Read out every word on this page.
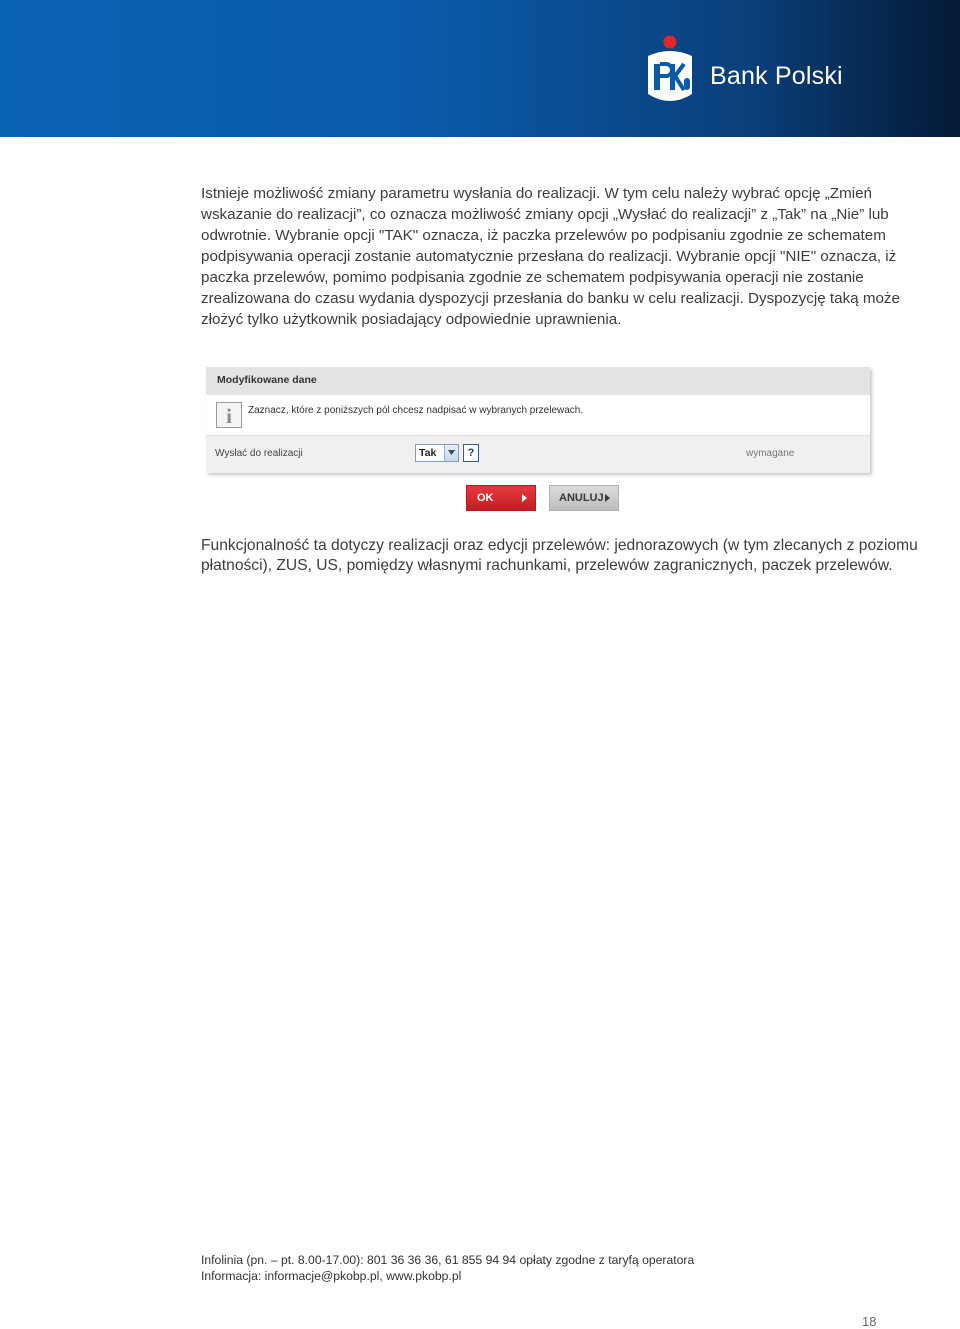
Bank Polski

Istnieje możliwość zmiany parametru wysłania do realizacji. W tym celu należy wybrać opcję „Zmień wskazanie do realizacji”, co oznacza możliwość zmiany opcji „Wysłać do realizacji” z „Tak” na „Nie” lub odwrotnie. Wybranie opcji "TAK" oznacza, iż paczka przelewów po podpisaniu zgodnie ze schematem podpisywania operacji zostanie automatycznie przesłana do realizacji. Wybranie opcji "NIE" oznacza, iż paczka przelewów, pomimo podpisania zgodnie ze schematem podpisywania operacji nie zostanie zrealizowana do czasu wydania dyspozycji przesłania do banku w celu realizacji. Dyspozycję taką może złożyć tylko użytkownik posiadający odpowiednie uprawnienia.

Modyfikowane dane
i	Zaznacz, które z poniższych pól chcesz nadpisać w wybranych przelewach.
Wysłać do realizacji	Tak	?	wymagane
OK	ANULUJ

Funkcjonalność ta dotyczy realizacji oraz edycji przelewów: jednorazowych (w tym zlecanych z poziomu płatności), ZUS, US, pomiędzy własnymi rachunkami, przelewów zagranicznych, paczek przelewów.

Infolinia (pn. – pt. 8.00-17.00): 801 36 36 36, 61 855 94 94 opłaty zgodne z taryfą operatora
Informacja: informacje@pkobp.pl, www.pkobp.pl
18
